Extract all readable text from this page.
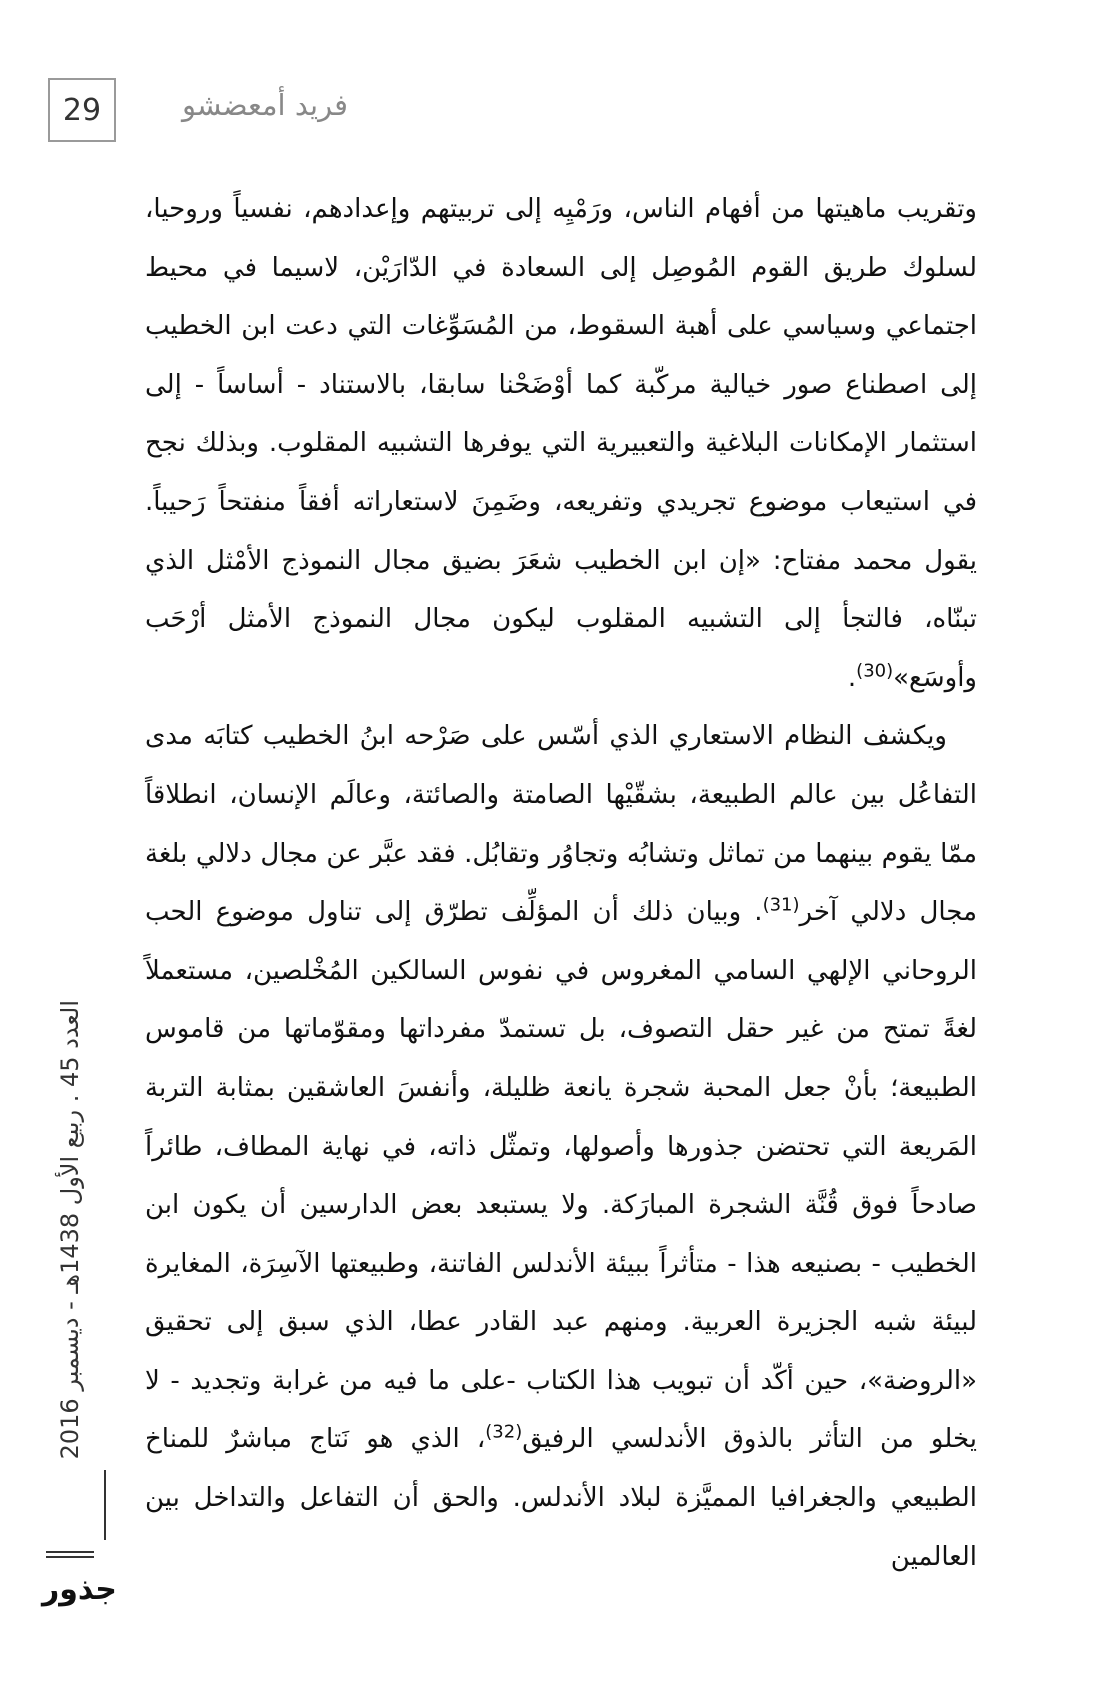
29	فريد أمعضشو

وتقريب ماهيتها من أفهام الناس، ورَمْيِه إلى تربيتهم وإعدادهم، نفسياً وروحيا، لسلوك طريق القوم المُوصِل إلى السعادة في الدّارَيْن، لاسيما في محيط اجتماعي وسياسي على أهبة السقوط، من المُسَوِّغات التي دعت ابن الخطيب إلى اصطناع صور خيالية مركّبة كما أوْضَحْنا سابقا، بالاستناد - أساساً - إلى استثمار الإمكانات البلاغية والتعبيرية التي يوفرها التشبيه المقلوب. وبذلك نجح في استيعاب موضوع تجريدي وتفريعه، وضَمِنَ لاستعاراته أفقاً منفتحاً رَحيباً. يقول محمد مفتاح: «إن ابن الخطيب شعَرَ بضيق مجال النموذج الأمْثل الذي تبنّاه، فالتجأ إلى التشبيه المقلوب ليكون مجال النموذج الأمثل أرْحَب وأوسَع»$^{(30)}$.

ويكشف النظام الاستعاري الذي أسّس على صَرْحه ابنُ الخطيب كتابَه مدى التفاعُل بين عالم الطبيعة، بشقّيْها الصامتة والصائتة، وعالَم الإنسان، انطلاقاً ممّا يقوم بينهما من تماثل وتشابُه وتجاوُر وتقابُل. فقد عبَّر عن مجال دلالي بلغة مجال دلالي آخر$^{(31)}$. وبيان ذلك أن المؤلِّف تطرّق إلى تناول موضوع الحب الروحاني الإلهي السامي المغروس في نفوس السالكين المُخْلصين، مستعملاً لغةً تمتح من غير حقل التصوف، بل تستمدّ مفرداتها ومقوّماتها من قاموس الطبيعة؛ بأنْ جعل المحبة شجرة يانعة ظليلة، وأنفسَ العاشقين بمثابة التربة المَريعة التي تحتضن جذورها وأصولها، وتمثّل ذاته، في نهاية المطاف، طائراً صادحاً فوق قُنَّة الشجرة المبارَكة. ولا يستبعد بعض الدارسين أن يكون ابن الخطيب - بصنيعه هذا - متأثراً ببيئة الأندلس الفاتنة، وطبيعتها الآسِرَة، المغايرة لبيئة شبه الجزيرة العربية. ومنهم عبد القادر عطا، الذي سبق إلى تحقيق «الروضة»، حين أكّد أن تبويب هذا الكتاب -على ما فيه من غرابة وتجديد - لا يخلو من التأثر بالذوق الأندلسي الرفيق$^{(32)}$، الذي هو نَتاج مباشرٌ للمناخ الطبيعي والجغرافيا المميَّزة لبلاد الأندلس. والحق أن التفاعل والتداخل بين العالمين

العدد 45 . ربيع الأول 1438هـ - ديسمبر 2016
جذور
